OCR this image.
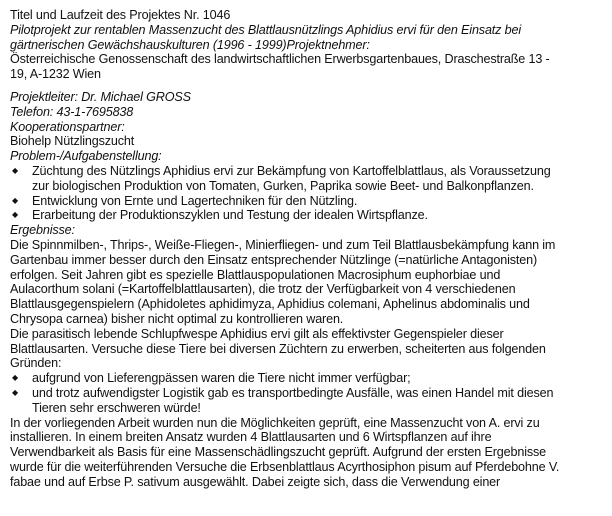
Titel und Laufzeit des Projektes Nr. 1046
Pilotprojekt zur rentablen Massenzucht des Blattlausnützlings Aphidius ervi für den Einsatz bei
gärtnerischen Gewächshauskulturen (1996 - 1999)Projektnehmer:
Österreichische Genossenschaft des landwirtschaftlichen Erwerbsgartenbaues, Draschestraße 13 -
19, A-1232 Wien
Projektleiter: Dr. Michael GROSS
Telefon: 43-1-7695838
Kooperationspartner:
Biohelp Nützlingszucht
Problem-/Aufgabenstellung:
◆ Züchtung des Nützlings Aphidius ervi zur Bekämpfung von Kartoffelblattlaus, als Voraussetzung
zur biologischen Produktion von Tomaten, Gurken, Paprika sowie Beet- und Balkonpflanzen.
◆ Entwicklung von Ernte und Lagertechniken für den Nützling.
◆ Erarbeitung der Produktionszyklen und Testung der idealen Wirtspflanze.
Ergebnisse:
Die Spinnmilben-, Thrips-, Weiße-Fliegen-, Minierfliegen- und zum Teil Blattlausbekämpfung kann im
Gartenbau immer besser durch den Einsatz entsprechender Nützlinge (=natürliche Antagonisten)
erfolgen. Seit Jahren gibt es spezielle Blattlauspopulationen Macrosiphum euphorbiae und
Aulacorthum solani (=Kartoffelblattlausarten), die trotz der Verfügbarkeit von 4 verschiedenen
Blattlausgegenspielern (Aphidoletes aphidimyza, Aphidius colemani, Aphelinus abdominalis und
Chrysopa carnea) bisher nicht optimal zu kontrollieren waren.
Die parasitisch lebende Schlupfwespe Aphidius ervi gilt als effektivster Gegenspieler dieser
Blattlausarten. Versuche diese Tiere bei diversen Züchtern zu erwerben, scheiterten aus folgenden
Gründen:
◆ aufgrund von Lieferengpässen waren die Tiere nicht immer verfügbar;
◆ und trotz aufwendigster Logistik gab es transportbedingte Ausfälle, was einen Handel mit diesen
Tieren sehr erschweren würde!
In der vorliegenden Arbeit wurden nun die Möglichkeiten geprüft, eine Massenzucht von A. ervi zu
installieren. In einem breiten Ansatz wurden 4 Blattlausarten und 6 Wirtspflanzen auf ihre
Verwendbarkeit als Basis für eine Massenschädlingszucht geprüft. Aufgrund der ersten Ergebnisse
wurde für die weiterführenden Versuche die Erbsenblattlaus Acyrthosiphon pisum auf Pferdebohne V.
fabae und auf Erbse P. sativum ausgewählt. Dabei zeigte sich, dass die Verwendung einer
